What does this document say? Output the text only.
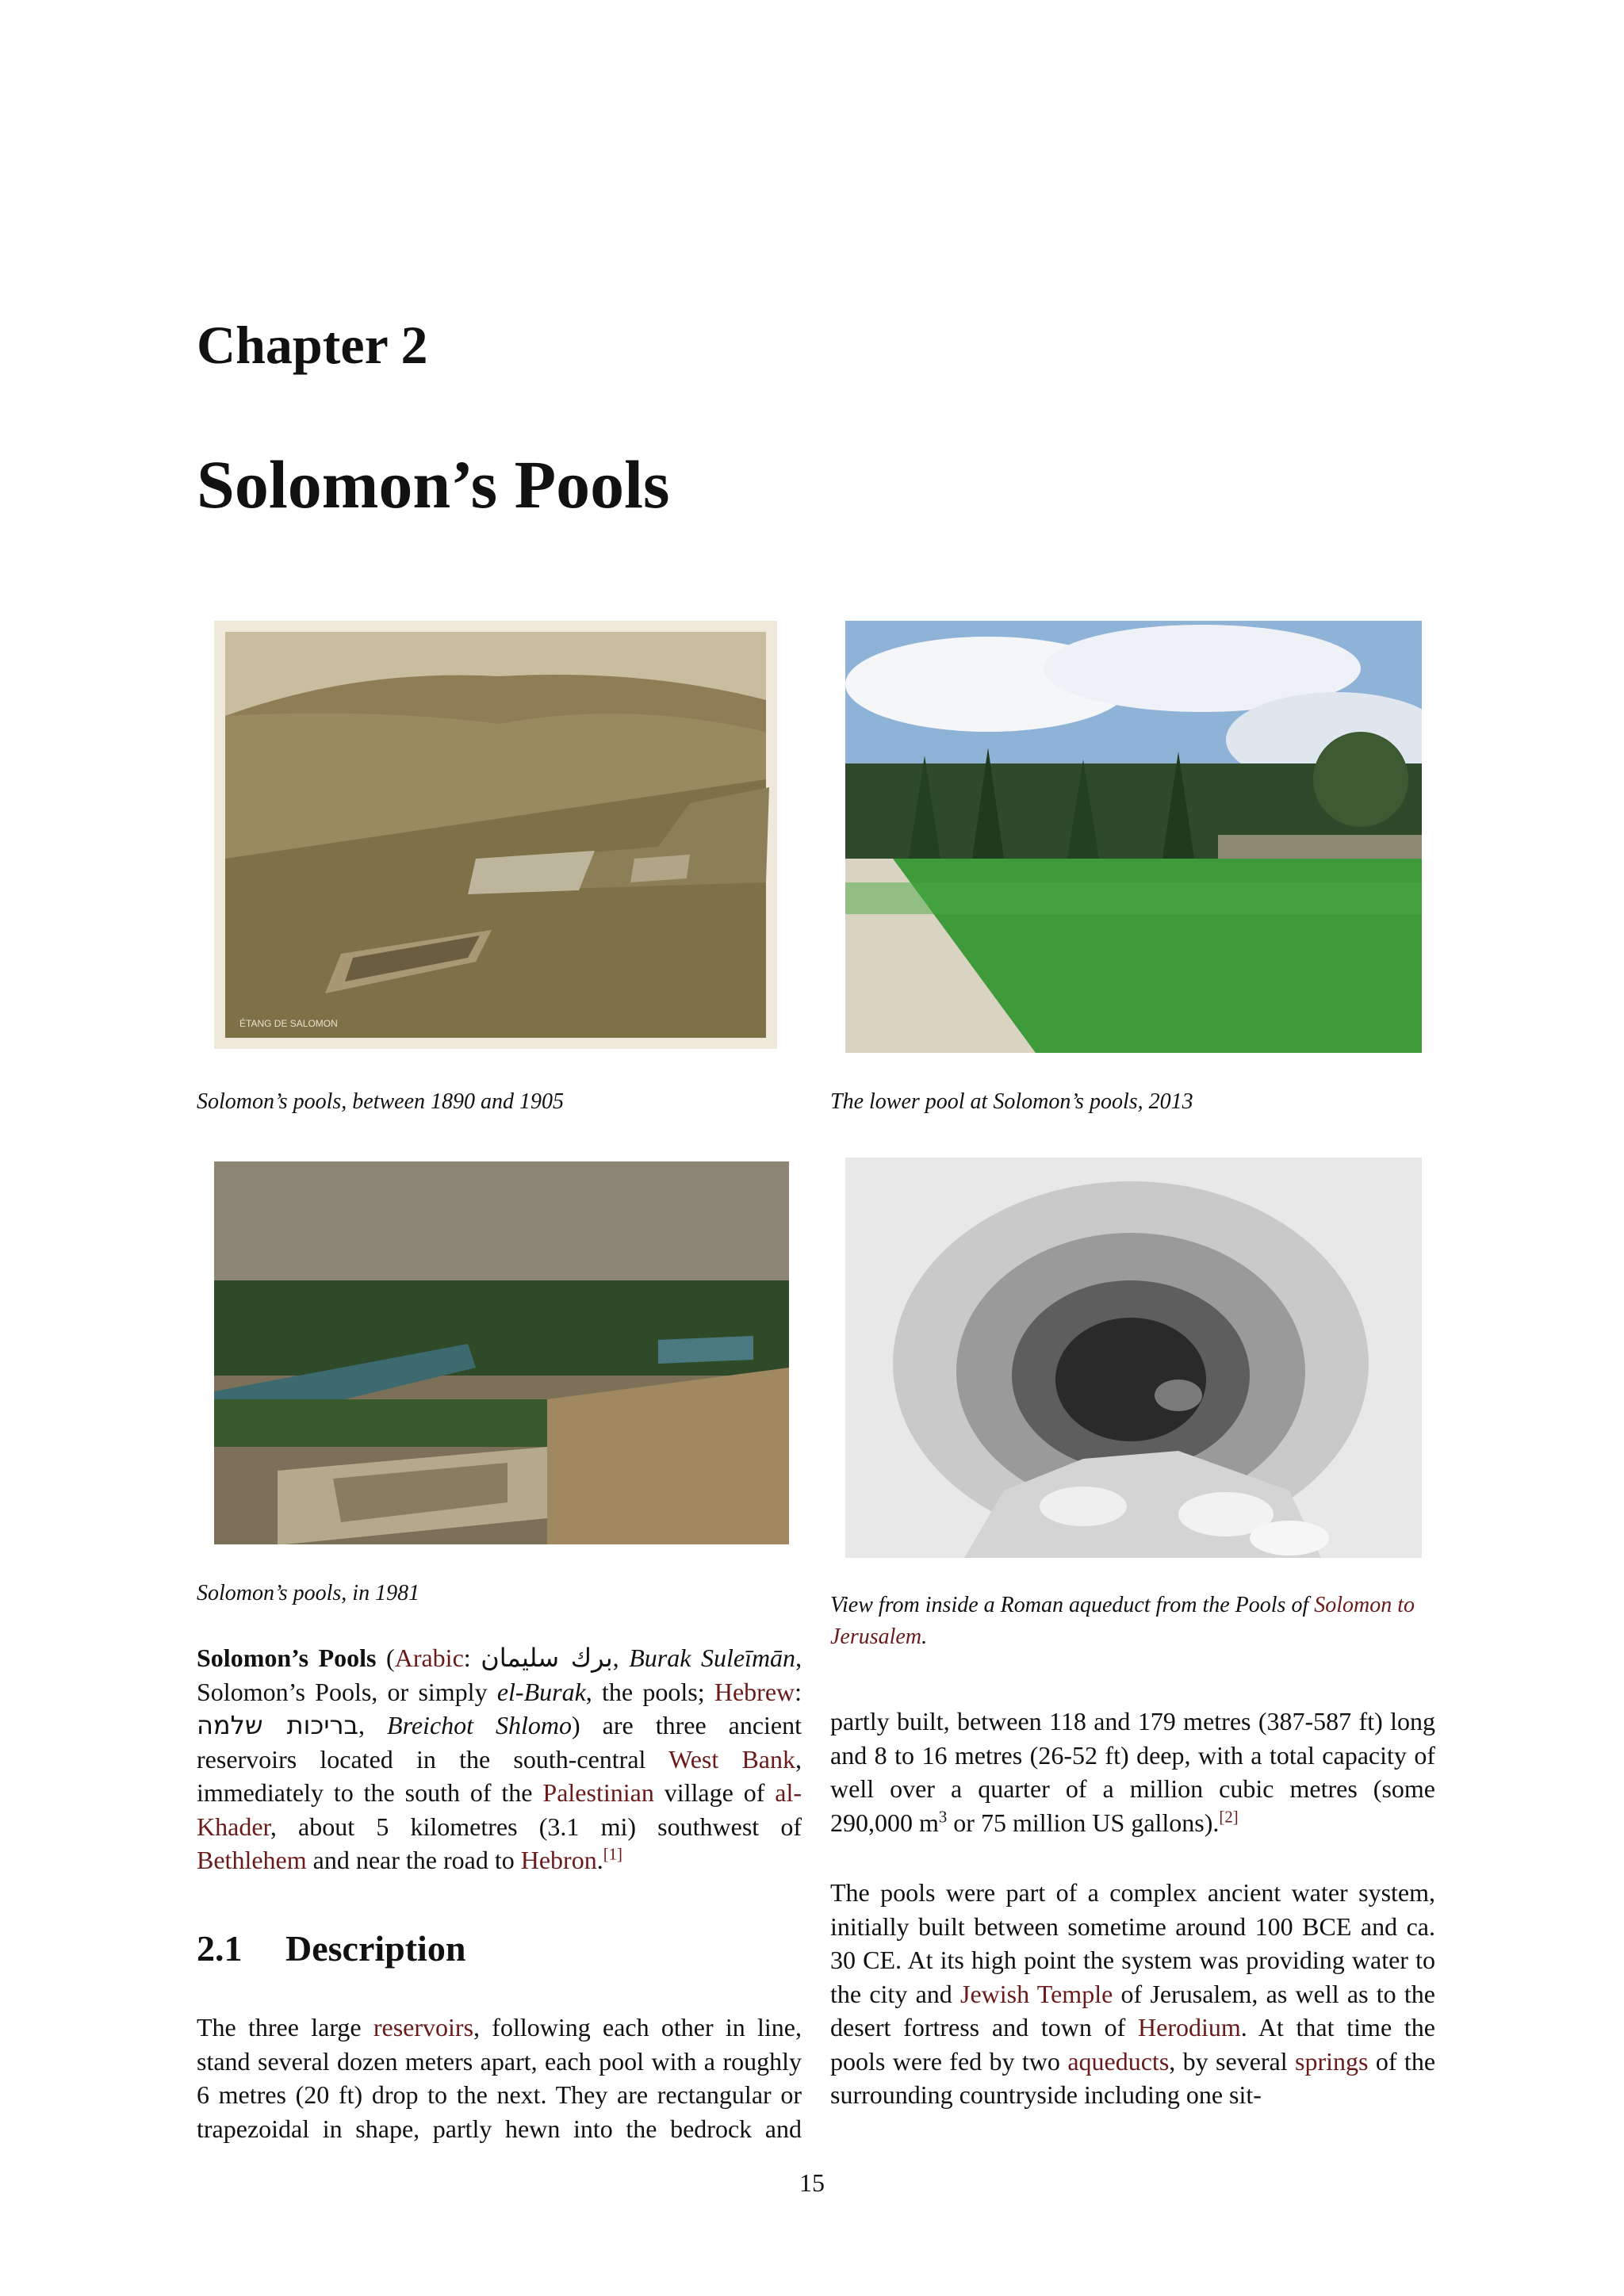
Chapter 2
Solomon’s Pools
ÉTANG DE SALOMON
Solomon’s pools, between 1890 and 1905	The lower pool at Solomon’s pools, 2013
Solomon’s pools, in 1981	View from inside a Roman aqueduct from the Pools of Solomon to Jerusalem.

Solomon’s Pools (Arabic: برك سليمان, Burak Suleīmān, Solomon’s Pools, or simply el-Burak, the pools; Hebrew: בריכות שלמה, Breichot Shlomo) are three ancient reservoirs located in the south-central West Bank, immediately to the south of the Palestinian village of al-Khader, about 5 kilometres (3.1 mi) southwest of Bethlehem and near the road to Hebron.[1]

2.1 Description

The three large reservoirs, following each other in line, stand several dozen meters apart, each pool with a roughly 6 metres (20 ft) drop to the next. They are rectangular or trapezoidal in shape, partly hewn into the bedrock and

partly built, between 118 and 179 metres (387-587 ft) long and 8 to 16 metres (26-52 ft) deep, with a total capacity of well over a quarter of a million cubic metres (some 290,000 $m^3$ or 75 million US gallons).[2]

The pools were part of a complex ancient water system, initially built between sometime around 100 BCE and ca. 30 CE. At its high point the system was providing water to the city and Jewish Temple of Jerusalem, as well as to the desert fortress and town of Herodium. At that time the pools were fed by two aqueducts, by several springs of the surrounding countryside including one sit-

15
